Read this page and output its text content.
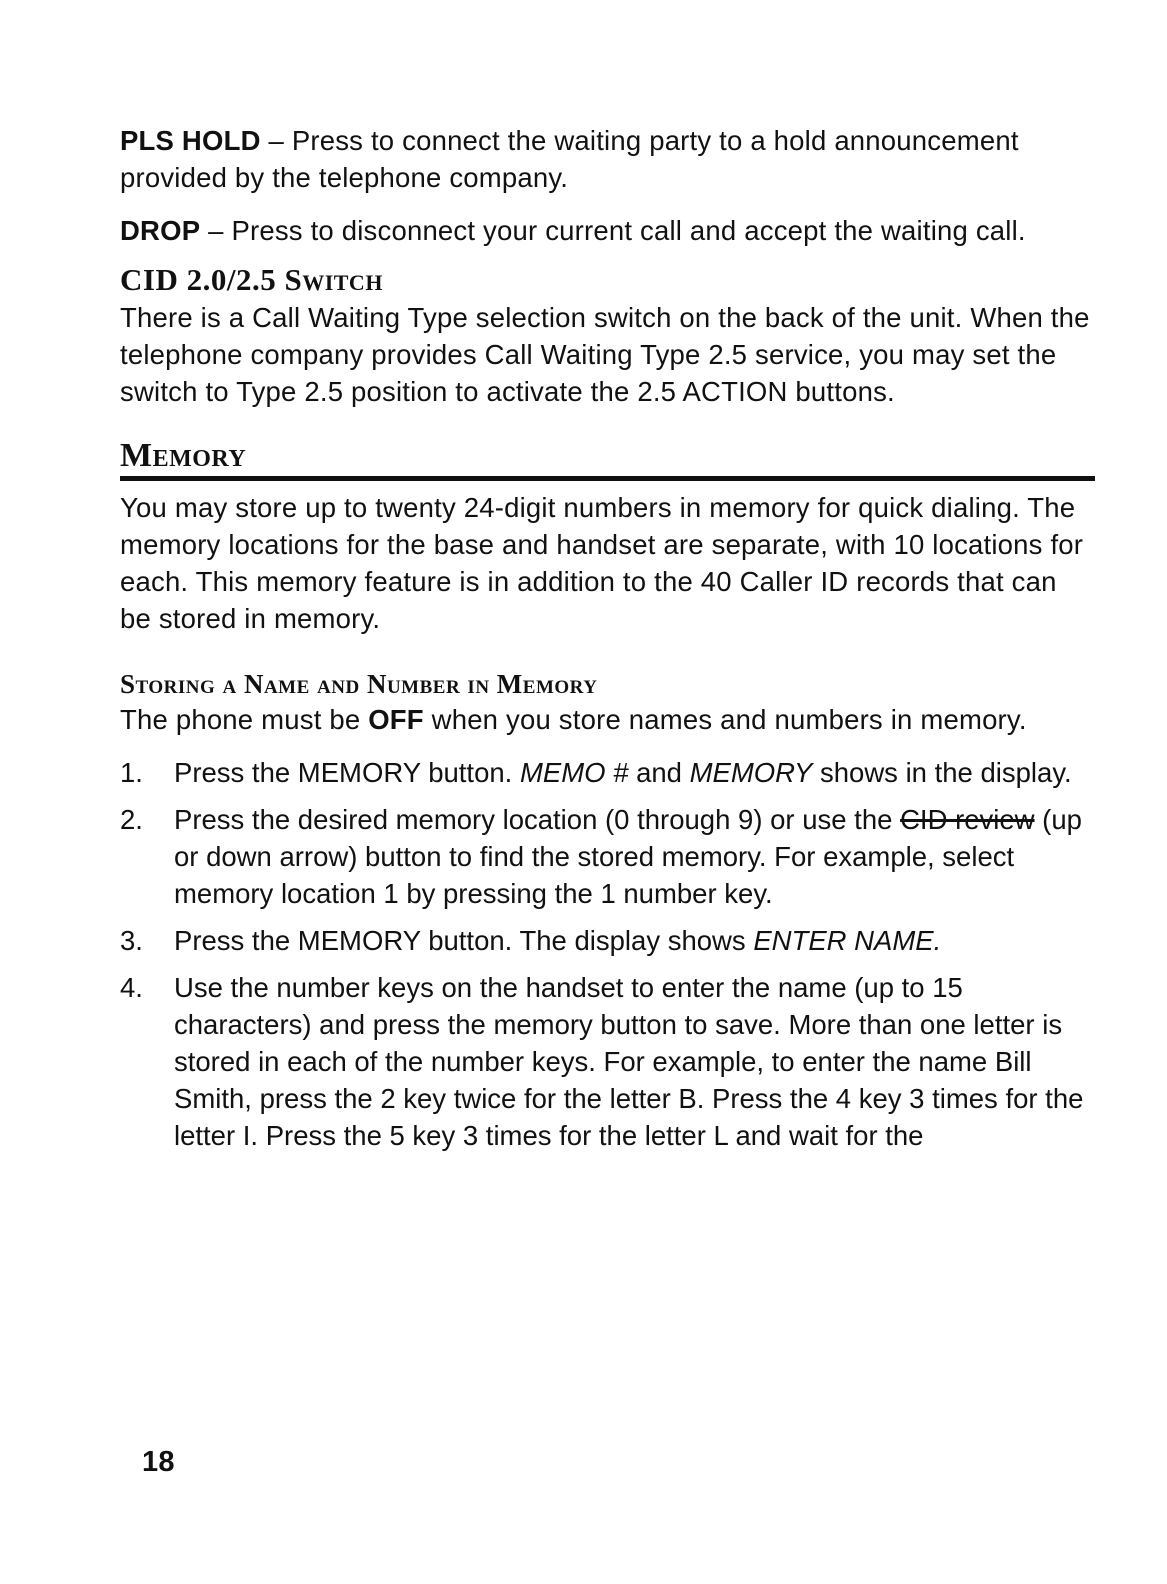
PLS HOLD – Press to connect the waiting party to a hold announcement provided by the telephone company.

DROP – Press to disconnect your current call and accept the waiting call.

CID 2.0/2.5 Switch

There is a Call Waiting Type selection switch on the back of the unit. When the telephone company provides Call Waiting Type 2.5 service, you may set the switch to Type 2.5 position to activate the 2.5 ACTION buttons.

Memory

You may store up to twenty 24-digit numbers in memory for quick dialing. The memory locations for the base and handset are separate, with 10 locations for each. This memory feature is in addition to the 40 Caller ID records that can be stored in memory.

Storing a Name and Number in Memory

The phone must be OFF when you store names and numbers in memory.

1.	Press the MEMORY button. MEMO # and MEMORY shows in the display.
2.	Press the desired memory location (0 through 9) or use the CID review (up or down arrow) button to find the stored memory. For example, select memory location 1 by pressing the 1 number key.
3.	Press the MEMORY button. The display shows ENTER NAME.
4.	Use the number keys on the handset to enter the name (up to 15 characters) and press the memory button to save. More than one letter is stored in each of the number keys. For example, to enter the name Bill Smith, press the 2 key twice for the letter B. Press the 4 key 3 times for the letter I. Press the 5 key 3 times for the letter L and wait for the

18
